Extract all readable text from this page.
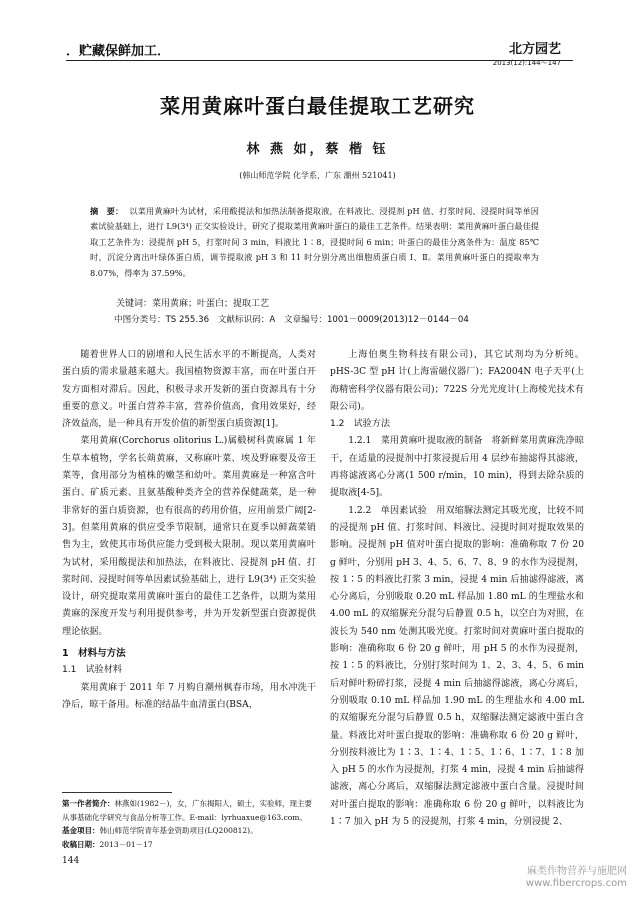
．贮藏保鲜加工．	北方园艺
2013(12):144～147
菜用黄麻叶蛋白最佳提取工艺研究
林 燕 如，蔡 楷 钰
(韩山师范学院 化学系，广东 潮州 521041)
摘　要： 以菜用黄麻叶为试材，采用酸提法和加热法制备提取液，在料液比、浸提剂 pH 值、打浆时间、浸提时间等单因素试验基础上，进行 L9(3⁴) 正交实验设计，研究了提取菜用黄麻叶蛋白的最佳工艺条件。结果表明：菜用黄麻叶蛋白最佳提取工艺条件为：浸提剂 pH 5，打浆时间 3 min，料液比 1∶8，浸提时间 6 min；叶蛋白的最佳分离条件为：温度 85℃ 时，沉淀分离出叶绿体蛋白质，调节提取液 pH 3 和 11 时分别分离出细胞质蛋白质 Ⅰ、Ⅱ。菜用黄麻叶蛋白的提取率为 8.07%，得率为 37.59%。
关键词：菜用黄麻；叶蛋白；提取工艺
中图分类号：TS 255.36 文献标识码：A 文章编号：1001－0009(2013)12－0144－04

随着世界人口的剧增和人民生活水平的不断提高，人类对蛋白质的需求量越来越大。我国植物资源丰富，而在叶蛋白开发方面相对滞后。因此，积极寻求开发新的蛋白资源具有十分重要的意义。叶蛋白营养丰富，营养价值高，食用效果好，经济效益高，是一种具有开发价值的新型蛋白质资源[1]。

菜用黄麻(Corchorus olitorius L.)属椴树科黄麻属 1 年生草本植物，学名长蒴黄麻，又称麻叶菜、埃及野麻婴及帝王菜等，食用部分为植株的嫩茎和幼叶。菜用黄麻是一种富含叶蛋白、矿质元素、且氨基酸种类齐全的营养保健蔬菜，是一种非常好的蛋白质资源，也有很高的药用价值，应用前景广阔[2-3]。但菜用黄麻的供应受季节限制，通常只在夏季以鲜蔬菜销售为主，致使其市场供应能力受到极大限制。现以菜用黄麻叶为试材，采用酸提法和加热法，在料液比、浸提剂 pH 值、打浆时间、浸提时间等单因素试验基础上，进行 L9(3⁴) 正交实验设计，研究提取菜用黄麻叶蛋白的最佳工艺条件，以期为菜用黄麻的深度开发与利用提供参考，并为开发新型蛋白资源提供理论依据。

1　材料与方法

1.1　试验材料

菜用黄麻于 2011 年 7 月购自潮州枫春市场，用水冲洗干净后，晾干备用。标准的结晶牛血清蛋白(BSA，

上海伯奥生物科技有限公司)，其它试剂均为分析纯。pHS-3C 型 pH 计(上海雷磁仪器厂)；FA2004N 电子天平(上海精密科学仪器有限公司)；722S 分光光度计(上海棱光技术有限公司)。

1.2　试验方法

1.2.1　菜用黄麻叶提取液的制备　将新鲜菜用黄麻洗净晾干，在适量的浸提剂中打浆浸提后用 4 层纱布抽滤得其滤液，再将滤液离心分离(1 500 r/min，10 min)，得到去除杂质的提取液[4-5]。

1.2.2　单因素试验　用双缩脲法测定其吸光度，比较不同的浸提剂 pH 值、打浆时间、料液比、浸提时间对提取效果的影响。浸提剂 pH 值对叶蛋白提取的影响：准确称取 7 份 20 g 鲜叶，分别用 pH 3、4、5、6、7、8、9 的水作为浸提剂，按 1∶5 的料液比打浆 3 min，浸提 4 min 后抽滤得滤液，离心分离后，分别吸取 0.20 mL 样品加 1.80 mL 的生理盐水和 4.00 mL 的双缩脲充分混匀后静置 0.5 h，以空白为对照，在波长为 540 nm 处测其吸光度。打浆时间对黄麻叶蛋白提取的影响：准确称取 6 份 20 g 鲜叶，用 pH 5 的水作为浸提剂，按 1∶5 的料液比，分别打浆时间为 1、2、3、4、5、6 min 后对鲜叶粉碎打浆，浸提 4 min 后抽滤得滤液，离心分离后，分别吸取 0.10 mL 样品加 1.90 mL 的生理盐水和 4.00 mL 的双缩脲充分混匀后静置 0.5 h，双缩脲法测定滤液中蛋白含量。料液比对叶蛋白提取的影响：准确称取 6 份 20 g 鲜叶，分别按料液比为 1∶3、1∶4、1∶5、1∶6、1∶7、1∶8 加入 pH 5 的水作为浸提剂，打浆 4 min，浸提 4 min 后抽滤得滤液，离心分离后，双缩脲法测定滤液中蛋白含量。浸提时间对叶蛋白提取的影响：准确称取 6 份 20 g 鲜叶，以料液比为 1∶7 加入 pH 为 5 的浸提剂，打浆 4 min，分别浸提 2、

第一作者简介：林燕如(1982－)，女，广东揭阳人，硕士，实验师，现主要从事基础化学研究与食品分析等工作。E-mail：lyrhuaxue@163.com。

基金项目：韩山师范学院青年基金资助项目(LQ200812)。

收稿日期：2013－01－17

144
麻类作物营养与施肥网
www.fibercrops.com
